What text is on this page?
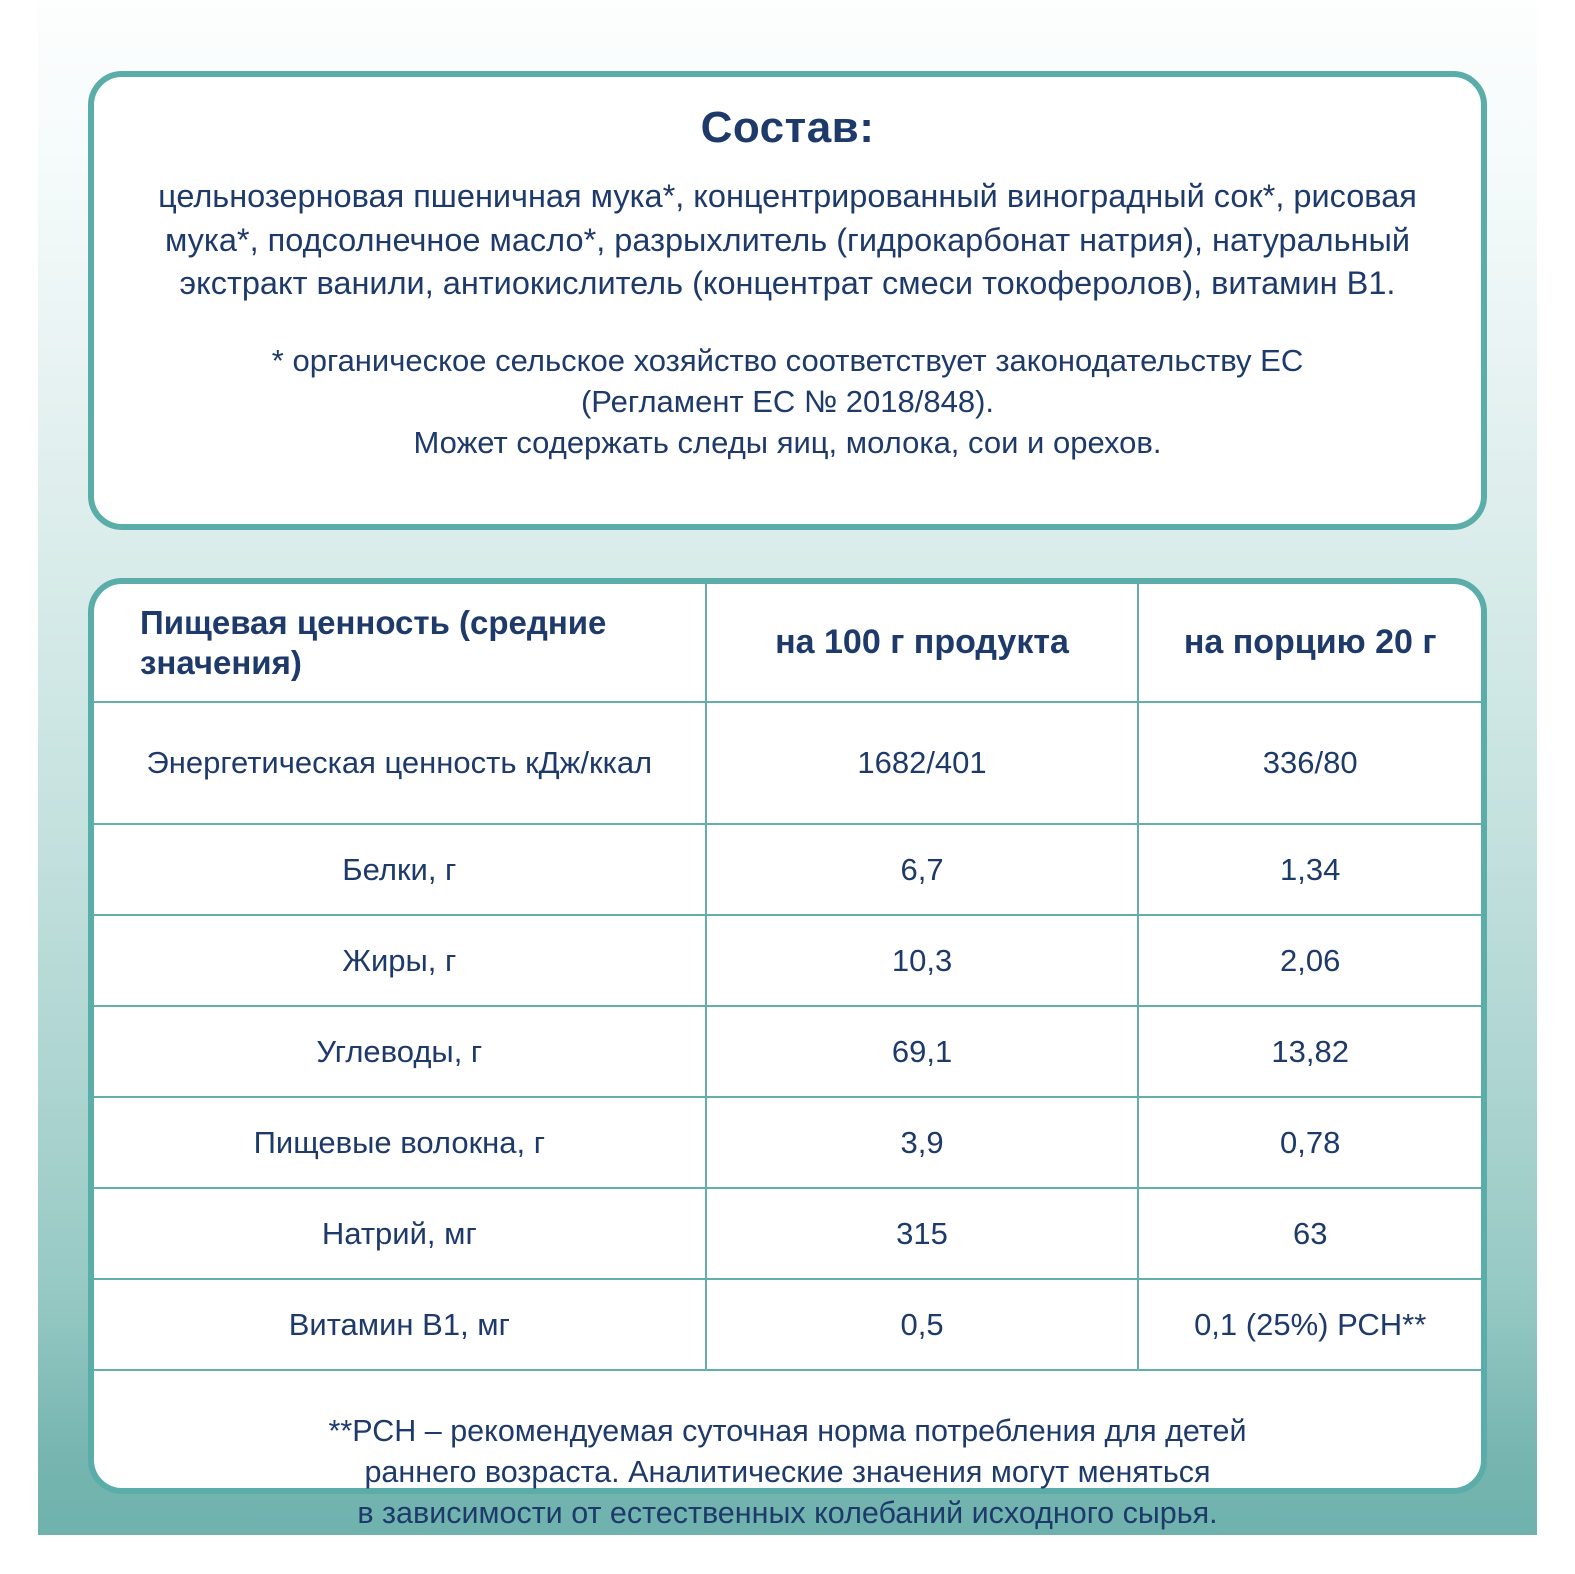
Состав:

цельнозерновая пшеничная мука*, концентрированный виноградный сок*, рисовая мука*, подсолнечное масло*, разрыхлитель (гидрокарбонат натрия), натуральный экстракт ванили, антиокислитель (концентрат смеси токоферолов), витамин B1.

* органическое сельское хозяйство соответствует законодательству ЕС
(Регламент ЕС № 2018/848).
Может содержать следы яиц, молока, сои и орехов.
Пищевая ценность (средние значения)	на 100 г продукта	на порцию 20 г
Энергетическая ценность кДж/ккал	1682/401	336/80
Белки, г	6,7	1,34
Жиры, г	10,3	2,06
Углеводы, г	69,1	13,82
Пищевые волокна, г	3,9	0,78
Натрий, мг	315	63
Витамин B1, мг	0,5	0,1 (25%) РСН**
**РСН – рекомендуемая суточная норма потребления для детей
раннего возраста. Аналитические значения могут меняться
в зависимости от естественных колебаний исходного сырья.
